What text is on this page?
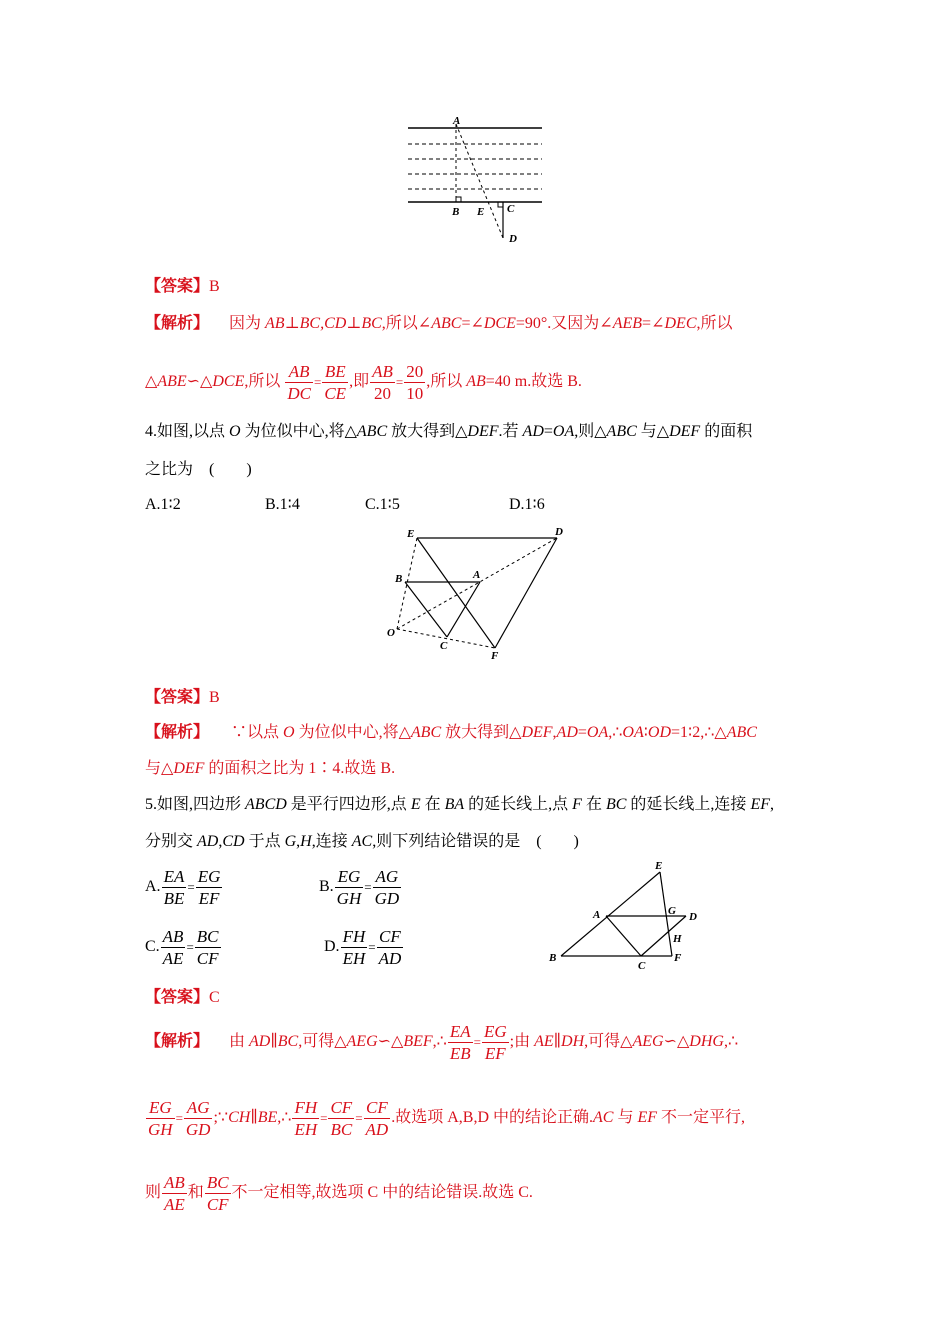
A
B E C
D
【答案】B
【解析】 因为 AB⊥BC,CD⊥BC,所以∠ABC=∠DCE=90°.又因为∠AEB=∠DEC,所以
△ABE∽△DCE,所以 $\frac{AB}{DC} = \frac{BE}{CE}$ ,即 $\frac{AB}{20} = \frac{20}{10}$ ,所以 AB=40 m.故选 B.
4.如图,以点 O 为位似中心,将△ABC 放大得到△DEF.若 AD=OA,则△ABC 与△DEF 的面积
之比为　(　　)
A.1∶2	B.1∶4	C.1∶5	D.1∶6
E	D
B	A
O
C
F
【答案】B
【解析】 ∵以点 O 为位似中心,将△ABC 放大得到△DEF,AD=OA,∴OA∶OD=1∶2,∴△ABC
与△DEF 的面积之比为 1∶4.故选 B.
5.如图,四边形 ABCD 是平行四边形,点 E 在 BA 的延长线上,点 F 在 BC 的延长线上,连接 EF,
分别交 AD,CD 于点 G,H,连接 AC,则下列结论错误的是　(　　)
A. $\frac{EA}{BE} = \frac{EG}{EF}$	B. $\frac{EG}{GH} = \frac{AG}{GD}$
C. $\frac{AB}{AE} = \frac{BC}{CF}$	D. $\frac{FH}{EH} = \frac{CF}{AD}$
E
A	G D
H
B
C
F
【答案】C
【解析】 由 AD∥BC,可得△AEG∽△BEF,∴ $\frac{EA}{EB} = \frac{EG}{EF}$ ;由 AE∥DH,可得△AEG∽△DHG,∴
$\frac{EG}{GH} = \frac{AG}{GD}$ ;∵CH∥BE,∴ $\frac{FH}{EH} = \frac{CF}{BC} = \frac{CF}{AD}$ .故选项 A,B,D 中的结论正确.AC 与 EF 不一定平行,
则 $\frac{AB}{AE}$ 和 $\frac{BC}{CF}$ 不一定相等,故选项 C 中的结论错误.故选 C.
